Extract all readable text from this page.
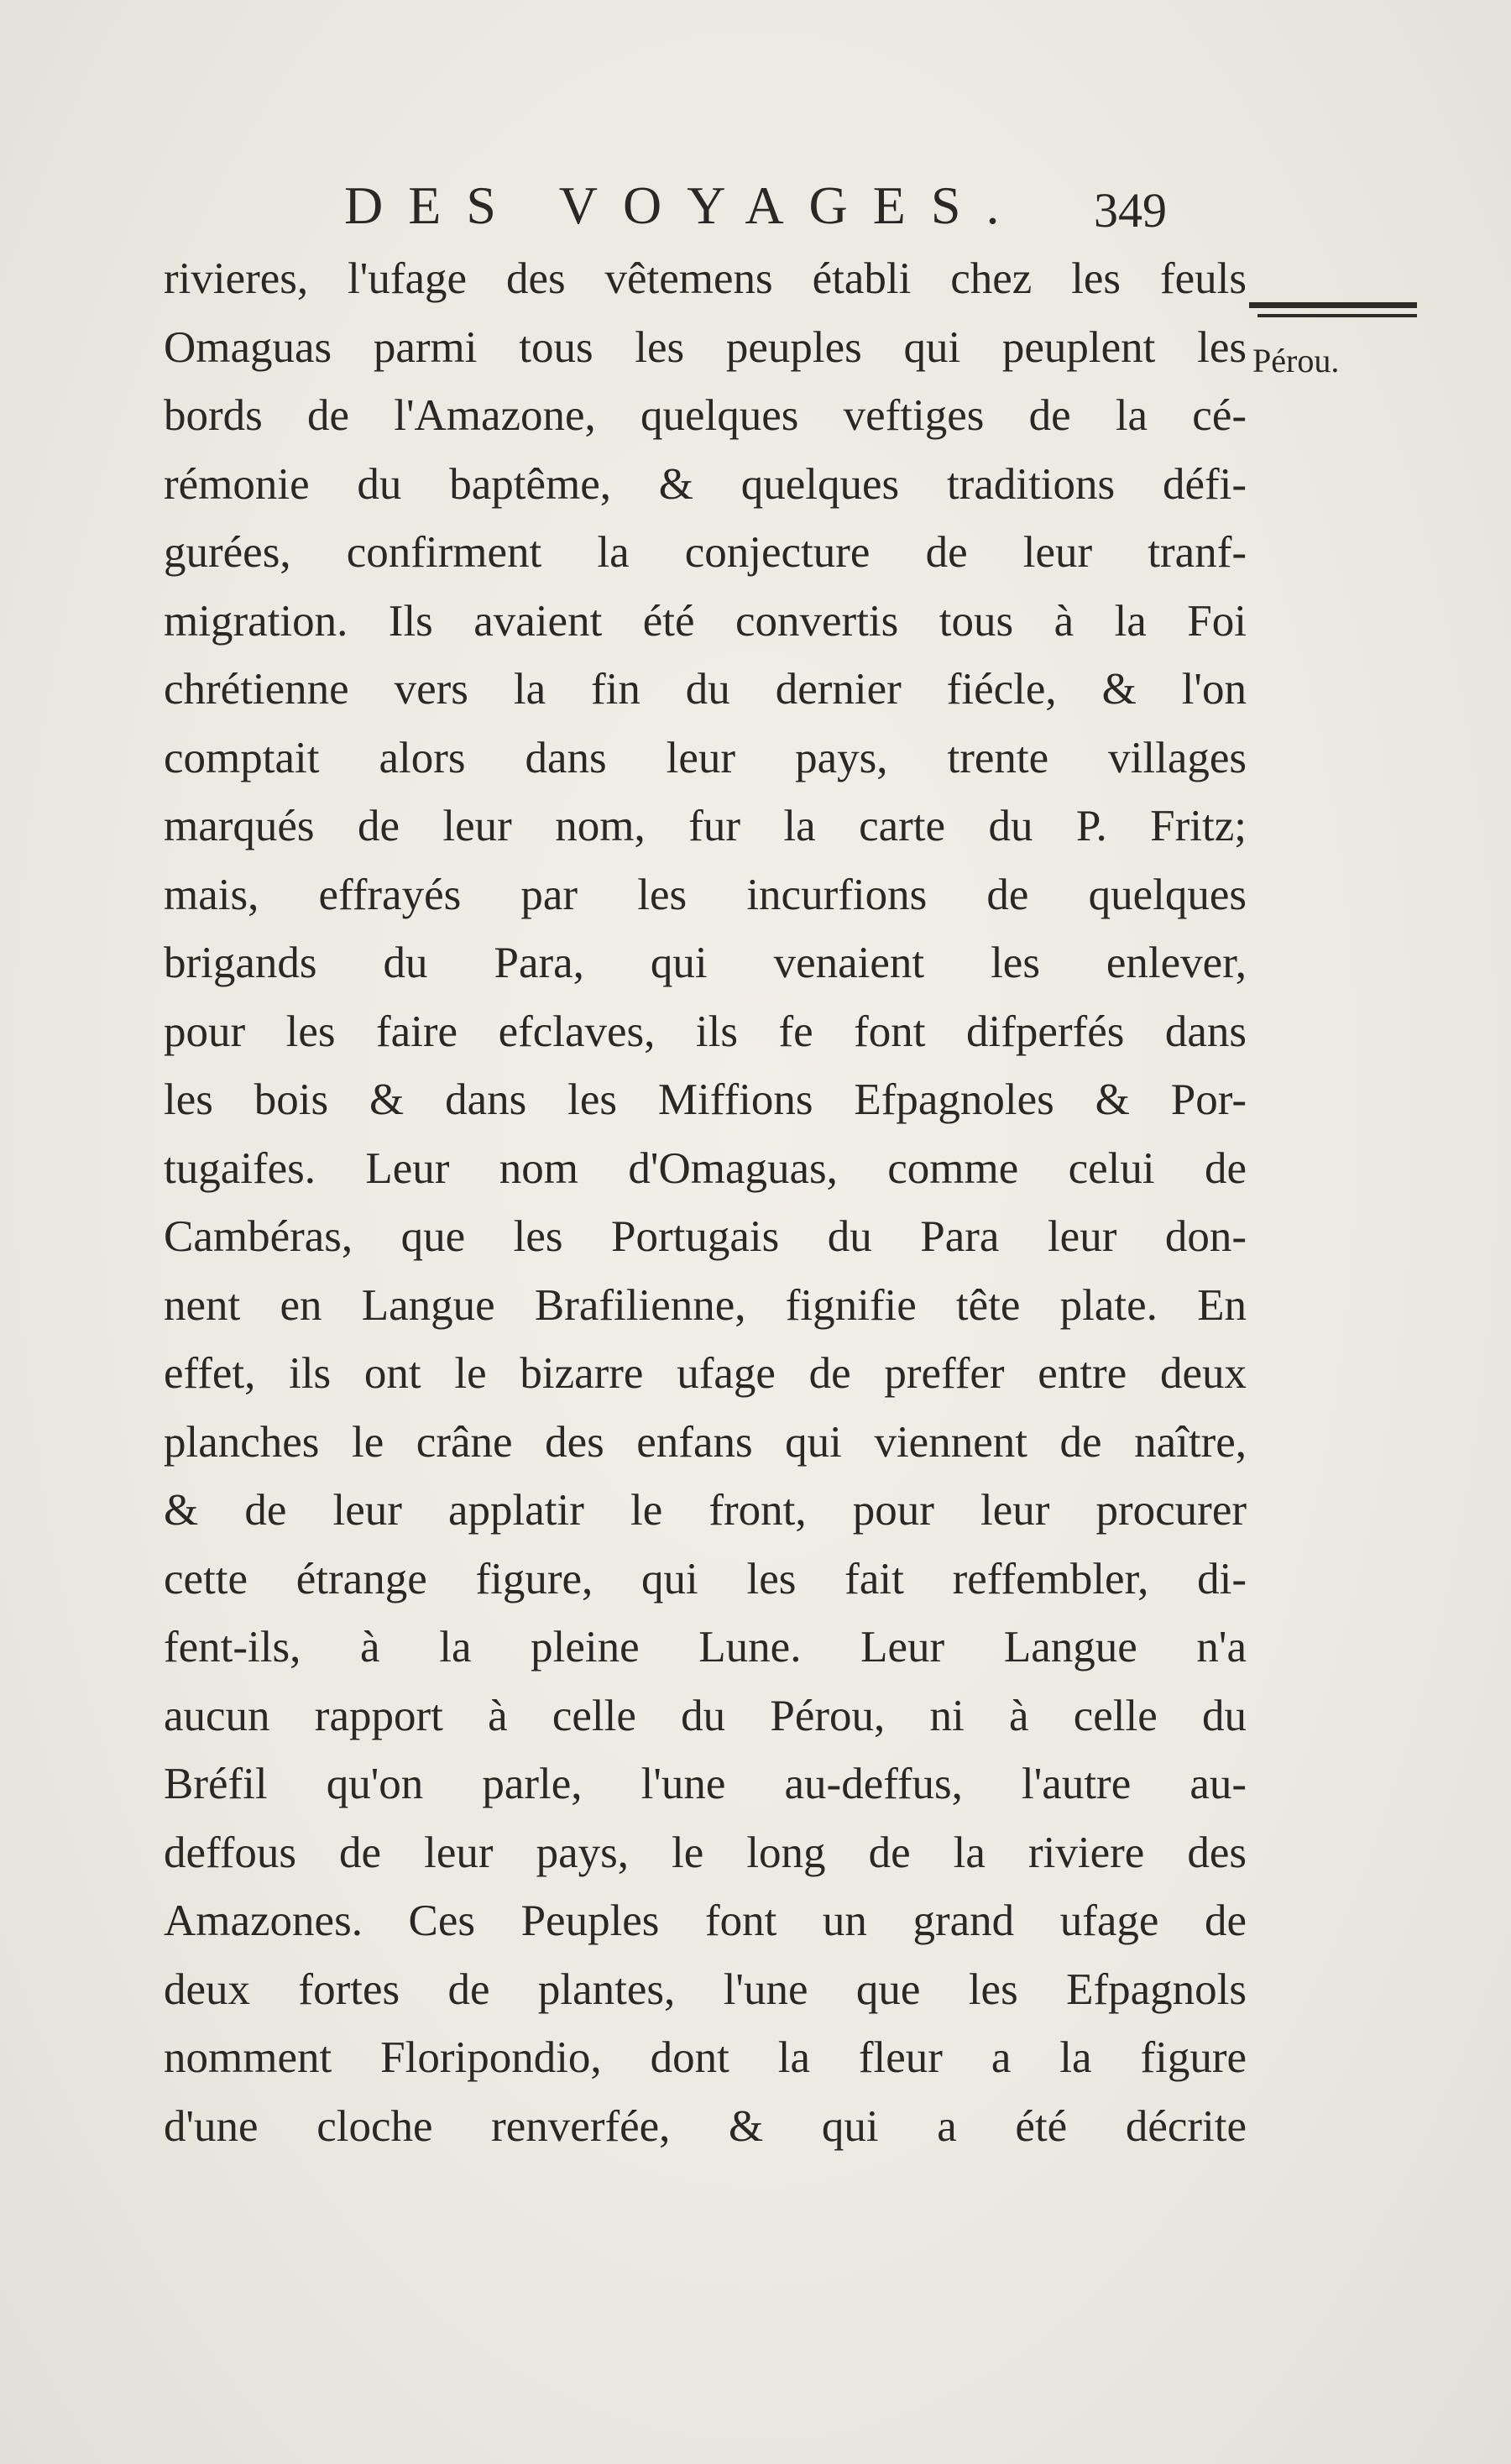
DES VOYAGES. 349
Pérou.
rivieres, l'ufage des vêtemens établi chez les feuls
Omaguas parmi tous les peuples qui peuplent les
bords de l'Amazone, quelques veftiges de la cé-
rémonie du baptême, & quelques traditions défi-
gurées, confirment la conjecture de leur tranf-
migration. Ils avaient été convertis tous à la Foi
chrétienne vers la fin du dernier fiécle, & l'on
comptait alors dans leur pays, trente villages
marqués de leur nom, fur la carte du P. Fritz;
mais, effrayés par les incurfions de quelques
brigands du Para, qui venaient les enlever,
pour les faire efclaves, ils fe font difperfés dans
les bois & dans les Miffions Efpagnoles & Por-
tugaifes. Leur nom d'Omaguas, comme celui de
Cambéras, que les Portugais du Para leur don-
nent en Langue Brafilienne, fignifie tête plate. En
effet, ils ont le bizarre ufage de preffer entre deux
planches le crâne des enfans qui viennent de naître,
& de leur applatir le front, pour leur procurer
cette étrange figure, qui les fait reffembler, di-
fent-ils, à la pleine Lune. Leur Langue n'a
aucun rapport à celle du Pérou, ni à celle du
Bréfil qu'on parle, l'une au-deffus, l'autre au-
deffous de leur pays, le long de la riviere des
Amazones. Ces Peuples font un grand ufage de
deux fortes de plantes, l'une que les Efpagnols
nomment Floripondio, dont la fleur a la figure
d'une cloche renverfée, & qui a été décrite
